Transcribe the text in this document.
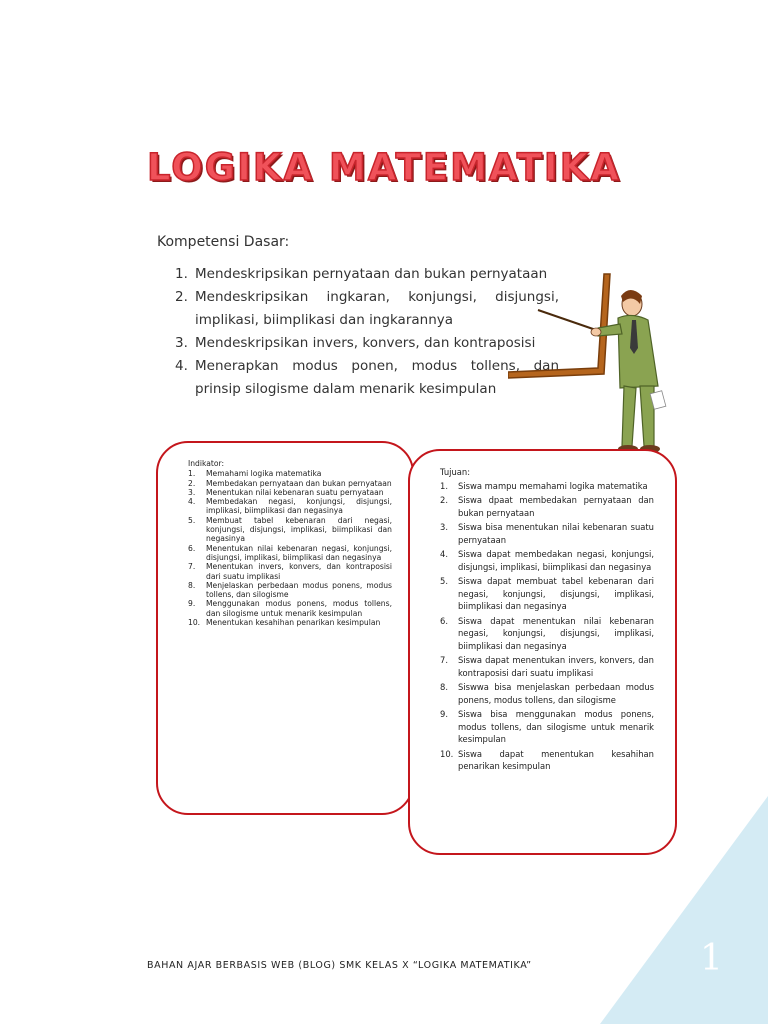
LOGIKA MATEMATIKA
Kompetensi Dasar:
1. Mendeskripsikan pernyataan dan bukan pernyataan
2. Mendeskripsikan ingkaran, konjungsi, disjungsi, implikasi, biimplikasi dan ingkarannya
3. Mendeskripsikan invers, konvers, dan kontraposisi
4. Menerapkan modus ponen, modus tollens, dan prinsip silogisme dalam menarik kesimpulan
Indikator:
1. Memahami logika matematika
2. Membedakan pernyataan dan bukan pernyataan
3. Menentukan nilai kebenaran suatu pernyataan
4. Membedakan negasi, konjungsi, disjungsi, implikasi, biimplikasi dan negasinya
5. Membuat tabel kebenaran dari negasi, konjungsi, disjungsi, implikasi, biimplikasi dan negasinya
6. Menentukan nilai kebenaran negasi, konjungsi, disjungsi, implikasi, biimplikasi dan negasinya
7. Menentukan invers, konvers, dan kontraposisi dari suatu implikasi
8. Menjelaskan perbedaan modus ponens, modus tollens, dan silogisme
9. Menggunakan modus ponens, modus tollens, dan silogisme untuk menarik kesimpulan
10. Menentukan kesahihan penarikan kesimpulan
Tujuan:
1. Siswa mampu memahami logika matematika
2. Siswa dpaat membedakan pernyataan dan bukan pernyataan
3. Siswa bisa menentukan nilai kebenaran suatu pernyataan
4. Siswa dapat membedakan negasi, konjungsi, disjungsi, implikasi, biimplikasi dan negasinya
5. Siswa dapat membuat tabel kebenaran dari negasi, konjungsi, disjungsi, implikasi, biimplikasi dan negasinya
6. Siswa dapat menentukan nilai kebenaran negasi, konjungsi, disjungsi, implikasi, biimplikasi dan negasinya
7. Siswa dapat menentukan invers, konvers, dan kontraposisi dari suatu implikasi
8. Siswwa bisa menjelaskan perbedaan modus ponens, modus tollens, dan silogisme
9. Siswa bisa menggunakan modus ponens, modus tollens, dan silogisme untuk menarik kesimpulan
10. Siswa dapat menentukan kesahihan penarikan kesimpulan
BAHAN AJAR BERBASIS WEB (BLOG) SMK KELAS X “LOGIKA MATEMATIKA”	1
